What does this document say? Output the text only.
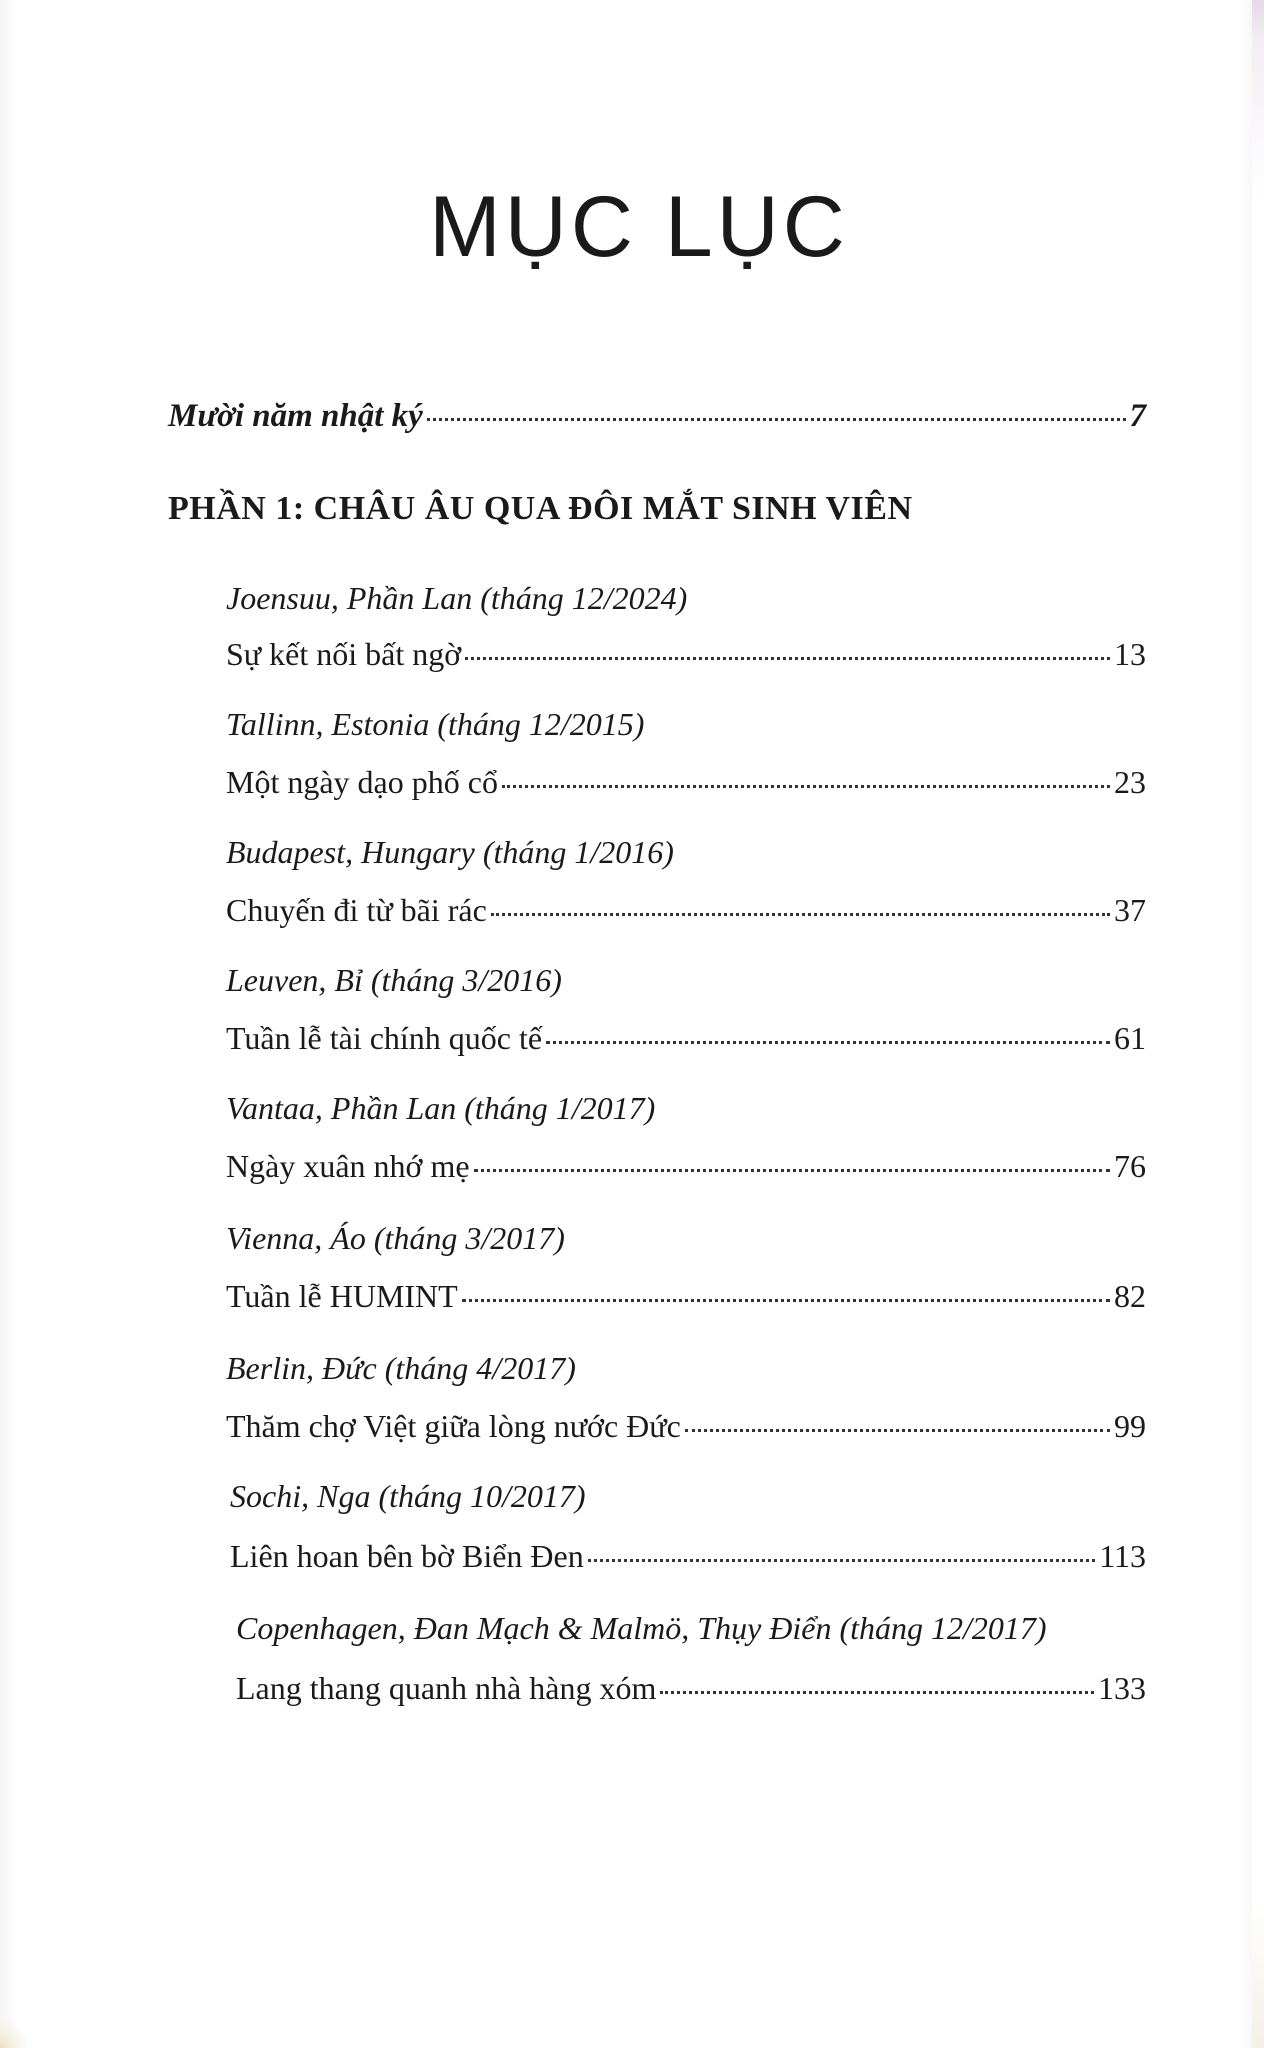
MỤC LỤC
Mười năm nhật ký	7
PHẦN 1: CHÂU ÂU QUA ĐÔI MẮT SINH VIÊN
Joensuu, Phần Lan (tháng 12/2024)
Sự kết nối bất ngờ	13
Tallinn, Estonia (tháng 12/2015)
Một ngày dạo phố cổ	23
Budapest, Hungary (tháng 1/2016)
Chuyến đi từ bãi rác	37
Leuven, Bỉ (tháng 3/2016)
Tuần lễ tài chính quốc tế	61
Vantaa, Phần Lan (tháng 1/2017)
Ngày xuân nhớ mẹ	76
Vienna, Áo (tháng 3/2017)
Tuần lễ HUMINT	82
Berlin, Đức (tháng 4/2017)
Thăm chợ Việt giữa lòng nước Đức	99
Sochi, Nga (tháng 10/2017)
Liên hoan bên bờ Biển Đen	113
Copenhagen, Đan Mạch & Malmö, Thụy Điển (tháng 12/2017)
Lang thang quanh nhà hàng xóm	133
